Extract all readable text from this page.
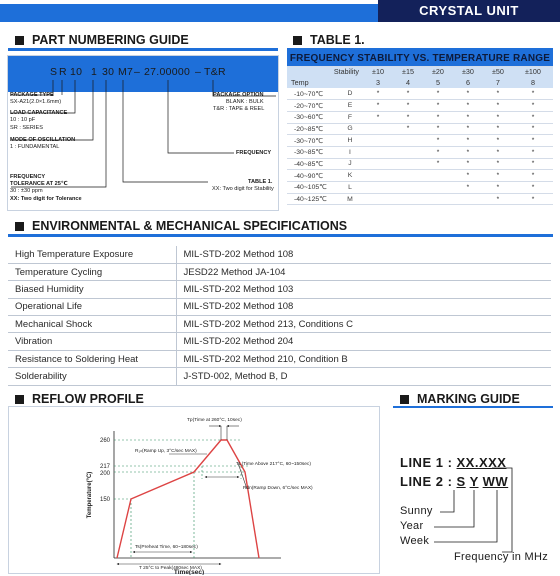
CRYSTAL UNIT
PART NUMBERING GUIDE	TABLE 1.
ENVIRONMENTAL & MECHANICAL SPECIFICATIONS
REFLOW PROFILE	MARKING GUIDE
S R 10 1 30 M7 – 27.00000 – T&R
PACKAGE TYPE
SX-A21(2.0×1.6mm)
LOAD CAPACITANCE
10 : 10 pF
SR : SERIES
MODE OF OSCILLATION
1 : FUNDAMENTAL
FREQUENCY
TOLERANCE AT 25℃
30 : ±30 ppm
XX: Two digit for Tolerance
PACKAGE OPTION
BLANK : BULK
T&R : TAPE & REEL
FREQUENCY
TABLE 1.
XX: Two digit for Stability
FREQUENCY STABILITY VS. TEMPERATURE RANGE							
Stability		±10	±15	±20	±30	±50	±100
Temp		3	4	5	6	7	8
-10~70℃	D	*	*	*	*	*	*
-20~70℃	E	*	*	*	*	*	*
-30~60℃	F	*	*	*	*	*	*
-20~85℃	G		*	*	*	*	*
-30~70℃	H			*	*	*	*
-30~85℃	I			*	*	*	*
-40~85℃	J			*	*	*	*
-40~90℃	K				*	*	*
-40~105℃	L				*	*	*
-40~125℃	M					*	*
High Temperature Exposure	MIL-STD-202 Method 108
Temperature Cycling	JESD22 Method JA-104
Biased Humidity	MIL-STD-202 Method 103
Operational Life	MIL-STD-202 Method 108
Mechanical Shock	MIL-STD-202 Method 213, Conditions C
Vibration	MIL-STD-202 Method 204
Resistance to Soldering Heat	MIL-STD-202 Method 210, Condition B
Solderability	J-STD-002, Method B, D
260
217
200
150
Tp(Time at 260°C, 10sec)
R₁ₙ(Ramp Up, 3°C/sec MAX)
TL(Time Above 217°C, 60~150sec)
Rdn(Ramp Down, 6°C/sec MAX)
Ts(Preheat Time, 60~180sec)
T 25°C to Peak(480sec MAX)
Temperature(°C)
Time(sec)
LINE 1 : XX.XXX
LINE 2 : S Y WW
Sunny
Year
Week
Frequency in MHz
